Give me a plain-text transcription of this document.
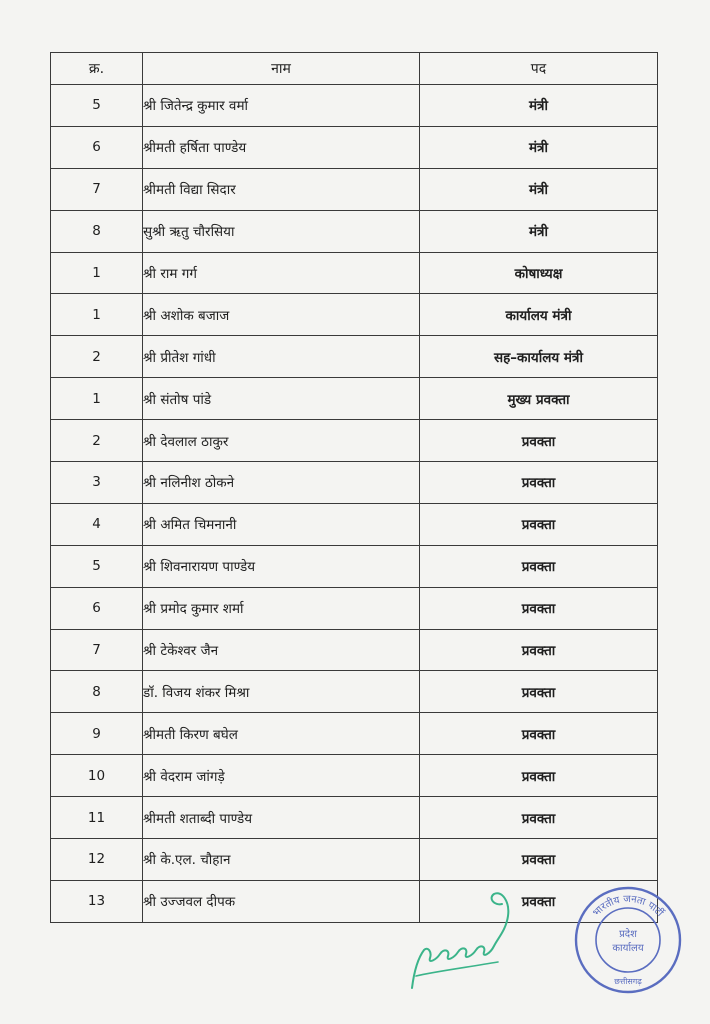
क्र.	नाम	पद
5	श्री जितेन्द्र कुमार वर्मा	मंत्री
6	श्रीमती हर्षिता पाण्डेय	मंत्री
7	श्रीमती विद्या सिदार	मंत्री
8	सुश्री ऋतु चौरसिया	मंत्री
1	श्री राम गर्ग	कोषाध्यक्ष
1	श्री अशोक बजाज	कार्यालय मंत्री
2	श्री प्रीतेश गांधी	सह–कार्यालय मंत्री
1	श्री संतोष पांडे	मुख्य प्रवक्ता
2	श्री देवलाल ठाकुर	प्रवक्ता
3	श्री नलिनीश ठोकने	प्रवक्ता
4	श्री अमित चिमनानी	प्रवक्ता
5	श्री शिवनारायण पाण्डेय	प्रवक्ता
6	श्री प्रमोद कुमार शर्मा	प्रवक्ता
7	श्री टेकेश्वर जैन	प्रवक्ता
8	डॉ. विजय शंकर मिश्रा	प्रवक्ता
9	श्रीमती किरण बघेल	प्रवक्ता
10	श्री वेदराम जांगड़े	प्रवक्ता
11	श्रीमती शताब्दी पाण्डेय	प्रवक्ता
12	श्री के.एल. चौहान	प्रवक्ता
13	श्री उज्जवल दीपक	प्रवक्ता
भारतीय जनता पार्टी
प्रदेश
कार्यालय
छत्तीसगढ़
